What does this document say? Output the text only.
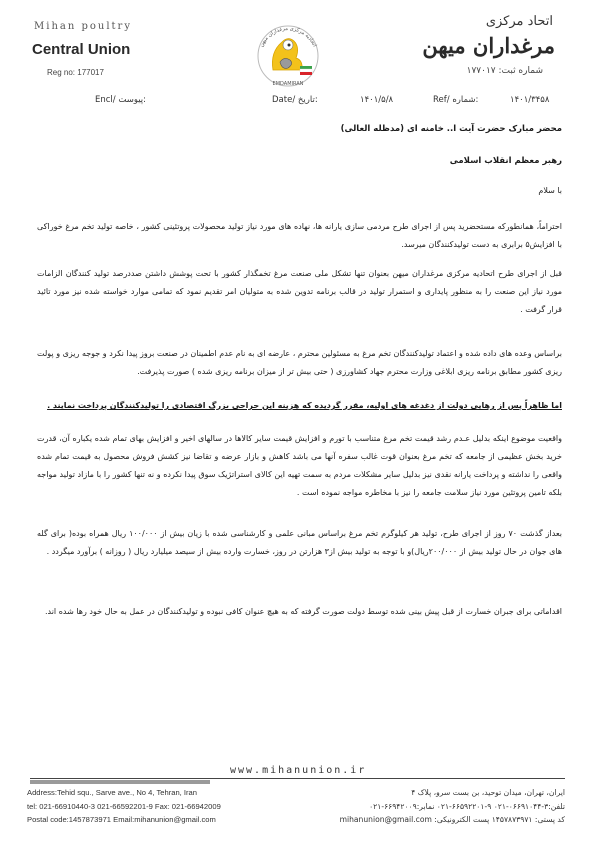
Mihan poultry
Central Union
Reg no: 177017
اتحادیه مرکزی مرغداران میهن
EMDAMIRAN
اتحاد مرکزی
مرغداران میهن
شماره ثبت: ۱۷۷۰۱۷
Encl/ پیوست:	Date/ تاریخ:	۱۴۰۱/۵/۸	Ref/ شماره:	۱۴۰۱/۳۴۵۸
محضر مبارک حضرت آیت ا.. خامنه ای (مدظله العالی)
رهبر معظم انقلاب اسلامی
با سلام
احتراماً، همانطورکه مستحضرید پس از اجرای طرح مردمی سازی یارانه ها، نهاده های مورد نیاز تولید محصولات پروتئینی کشور ، خاصه تولید تخم مرغ خوراکی با افزایش۵ برابری به دست تولیدکنندگان میرسد.
قبل از اجرای طرح اتحادیه مرکزی مرغداران میهن بعنوان تنها تشکل ملی صنعت مرغ تخمگذار کشور با تحت پوشش داشتن صددرصد تولید کنندگان الزامات مورد نیاز این صنعت را به منظور پایداری و استمرار تولید در قالب برنامه تدوین شده به متولیان امر تقدیم نمود که تمامی موارد خواسته شده نیز مورد تائید قرار گرفت .
براساس وعده های داده شده و اعتماد تولیدکنندگان تخم مرغ به مسئولین محترم ، عارضه ای به نام عدم اطمینان در صنعت بروز پیدا نکرد و جوجه ریزی و پولت ریزی کشور مطابق برنامه ریزی ابلاغی وزارت محترم جهاد کشاورزی ( حتی بیش تر از میزان برنامه ریزی شده ) صورت پذیرفت.
اما ظاهراً پس از رهایی دولت از دغدغه های اولیه، مقرر گردیده که هزینه این جراحی بزرگ اقتصادی را تولیدکنندگان پرداخت نمایند .
واقعیت موضوع اینکه بدلیل عـدم رشد قیمت تخم مرغ متناسب با تورم و افزایش قیمت سایر کالاها در سالهای اخیر و افزایش بهای تمام شده یکباره آن، قدرت خرید بخش عظیمی از جامعه که تخم مرغ بعنوان قوت غالب سفره آنها می باشد کاهش و بازار عرضه و تقاضا نیز کشش فروش محصول به قیمت تمام شده واقعی را نداشته و پرداخت یارانه نقدی نیز بدلیل سایر مشکلات مردم به سمت تهیه این کالای استراتژیک سوق پیدا نکرده و نه تنها کشور را با مازاد تولید مواجه بلکه تامین پروتئین مورد نیاز سلامت جامعه را نیز با مخاطره مواجه نموده است .
بعداز گذشت ۷۰ روز از اجرای طرح، تولید هر کیلوگرم تخم مرغ براساس مبانی علمی و کارشناسی شده با زیان بیش از ۱۰۰/۰۰۰ ریال همراه بوده( برای گله های جوان در حال تولید بیش از ۲۰۰/۰۰۰ریال)و با توجه به تولید بیش از۳ هزارتن در روز، خسارت وارده بیش از سیصد میلیارد ریال ( روزانه ) برآورد میگردد .
اقداماتی برای جبران خسارت از قبل پیش بینی شده توسط دولت صورت گرفته که به هیچ عنوان کافی نبوده و تولیدکنندگان در عمل به حال خود رها شده اند.
www.mihanunion.ir
Address:Tehid squ., Sarve ave., No 4, Tehran, Iran
tel: 021-66910440-3 021-66592201-9 Fax: 021-66942009
Postal code:1457873971 Email:mihanunion@gmail.com
ایران، تهران، میدان توحید، بن بست سرو، پلاک ۴
تلفن:۳-۰۶۶۹۱۰۴۴-۰۲۱ ۹-۶۶۵۹۲۲۰۱-۰۲۱ نمابر:۶۶۹۴۲۰۰۹-۰۲۱
کد پستی: ۱۴۵۷۸۷۳۹۷۱ پست الکترونیکی: mihanunion@gmail.com
